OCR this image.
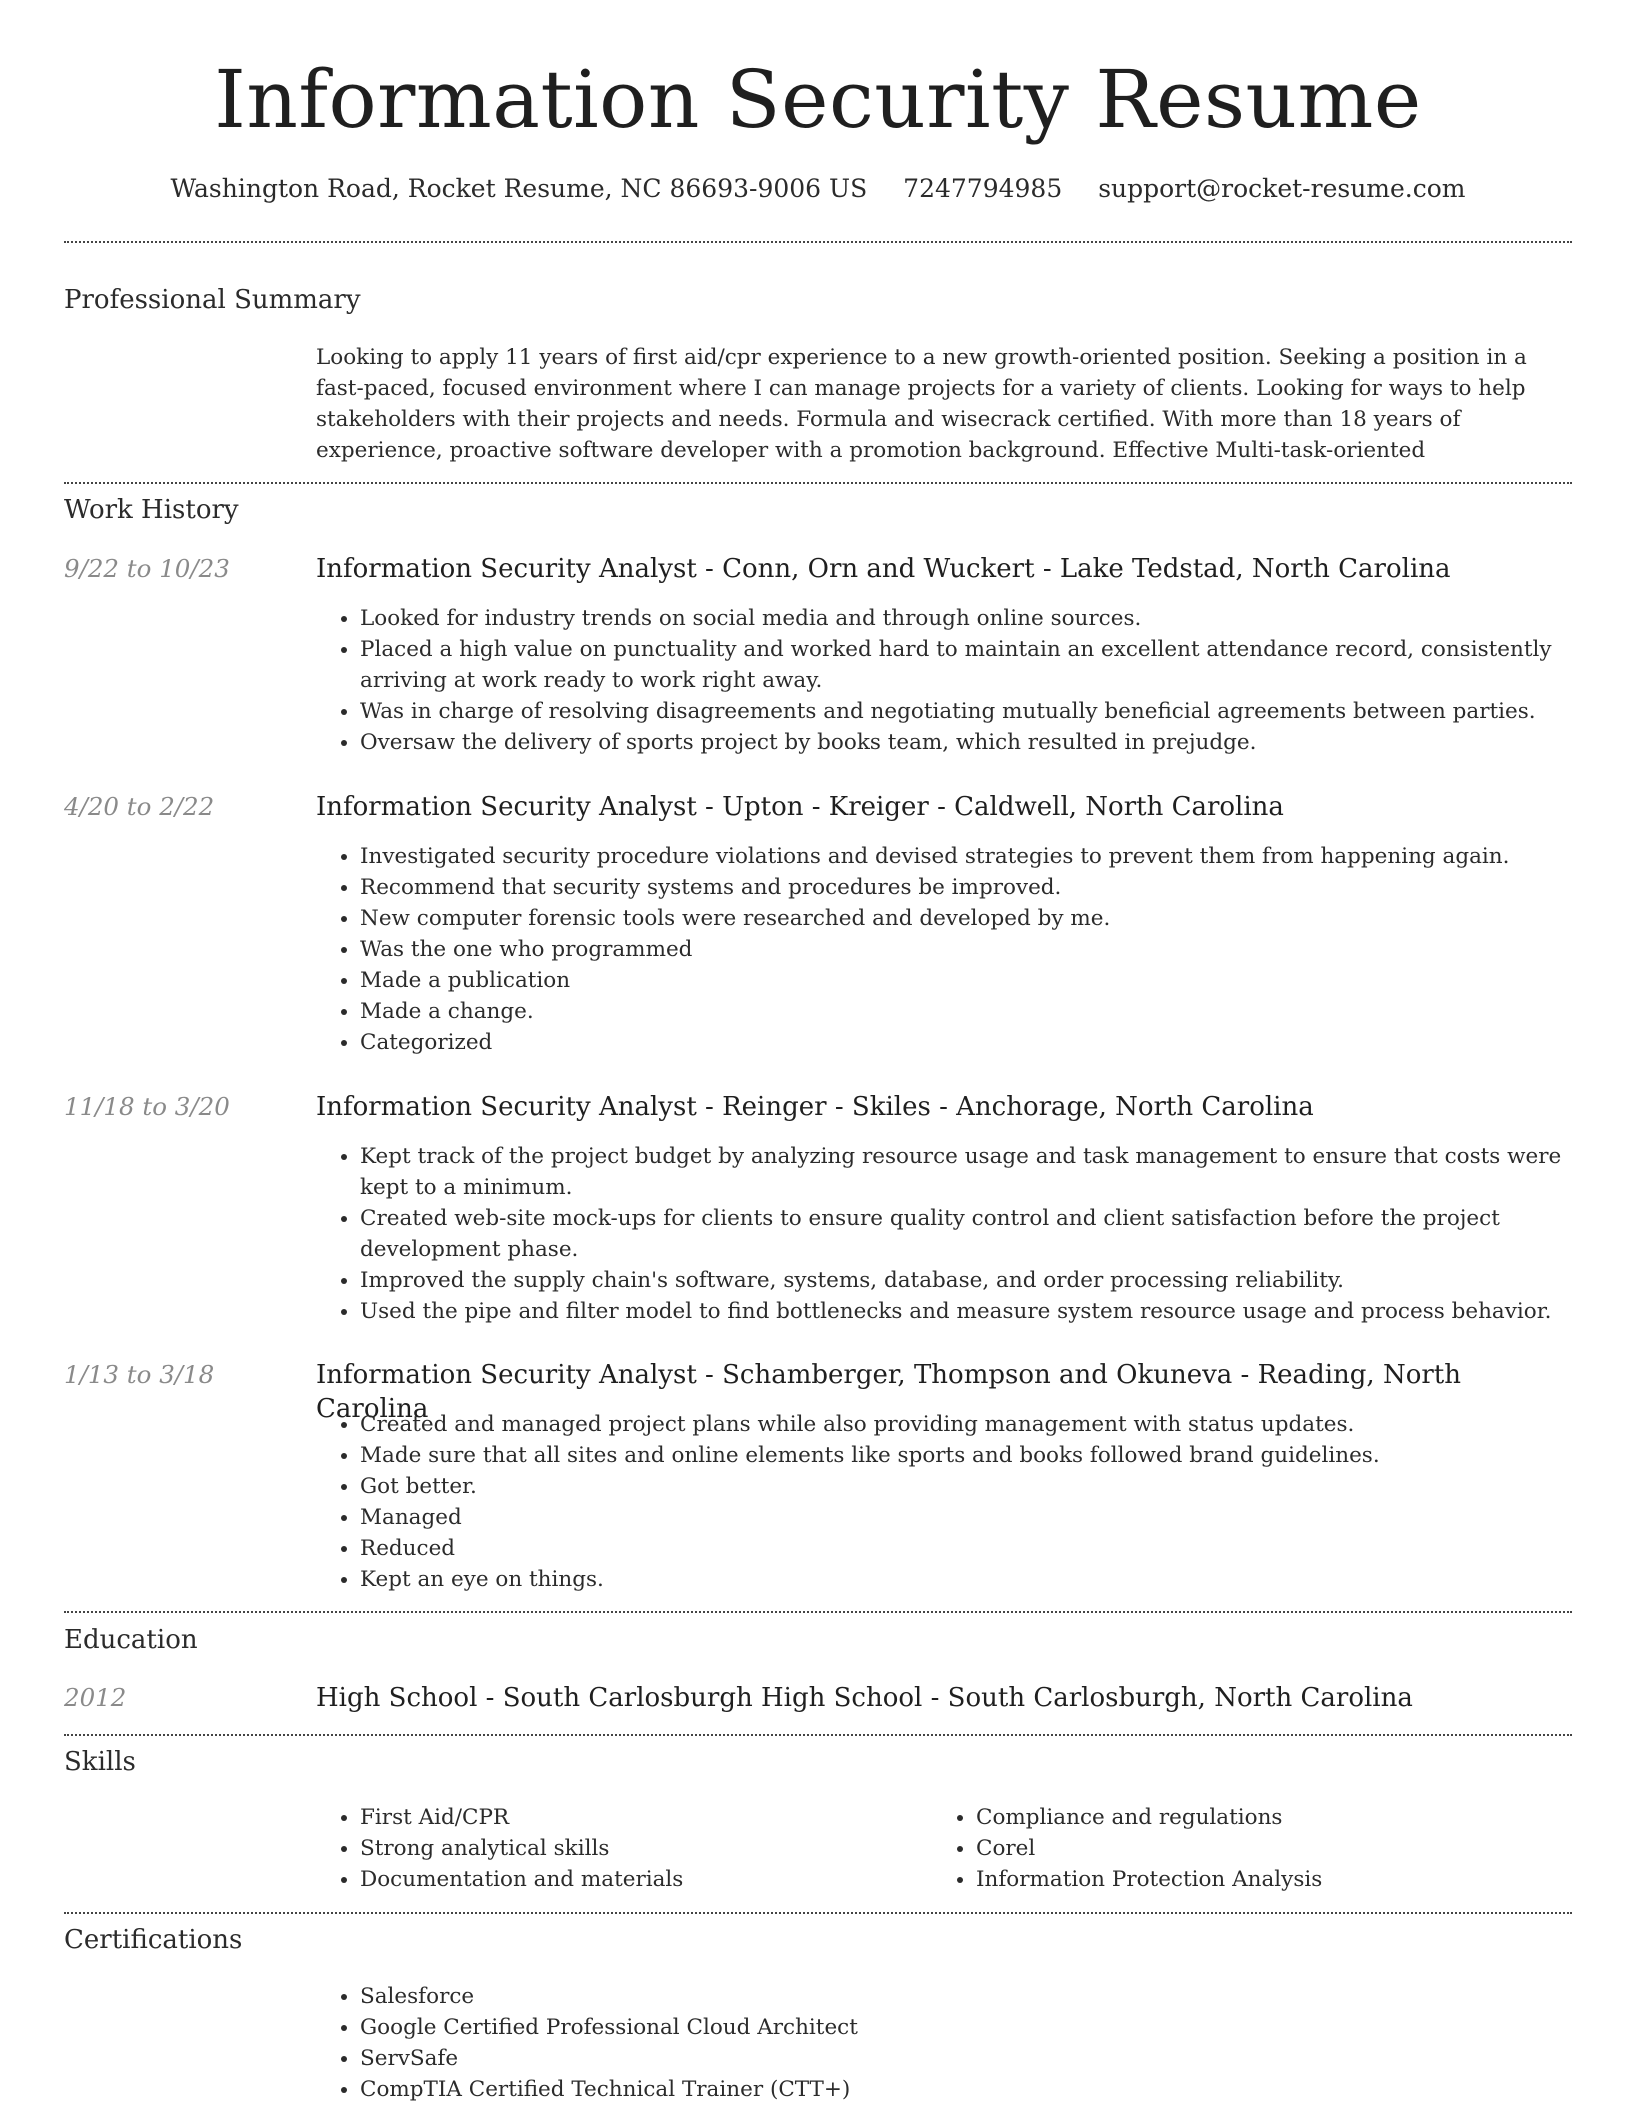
Information Security Resume
Washington Road, Rocket Resume, NC 86693-9006 US 7247794985 support@rocket-resume.com
Professional Summary
Looking to apply 11 years of first aid/cpr experience to a new growth-oriented position. Seeking a position in a fast-paced, focused environment where I can manage projects for a variety of clients. Looking for ways to help stakeholders with their projects and needs. Formula and wisecrack certified. With more than 18 years of experience, proactive software developer with a promotion background. Effective Multi-task-oriented
Work History
9/22 to 10/23	Information Security Analyst - Conn, Orn and Wuckert - Lake Tedstad, North Carolina
• Looked for industry trends on social media and through online sources.
• Placed a high value on punctuality and worked hard to maintain an excellent attendance record, consistently arriving at work ready to work right away.
• Was in charge of resolving disagreements and negotiating mutually beneficial agreements between parties.
• Oversaw the delivery of sports project by books team, which resulted in prejudge.
4/20 to 2/22	Information Security Analyst - Upton - Kreiger - Caldwell, North Carolina
• Investigated security procedure violations and devised strategies to prevent them from happening again.
• Recommend that security systems and procedures be improved.
• New computer forensic tools were researched and developed by me.
• Was the one who programmed
• Made a publication
• Made a change.
• Categorized
11/18 to 3/20	Information Security Analyst - Reinger - Skiles - Anchorage, North Carolina
• Kept track of the project budget by analyzing resource usage and task management to ensure that costs were kept to a minimum.
• Created web-site mock-ups for clients to ensure quality control and client satisfaction before the project development phase.
• Improved the supply chain's software, systems, database, and order processing reliability.
• Used the pipe and filter model to find bottlenecks and measure system resource usage and process behavior.
1/13 to 3/18	Information Security Analyst - Schamberger, Thompson and Okuneva - Reading, North Carolina
• Created and managed project plans while also providing management with status updates.
• Made sure that all sites and online elements like sports and books followed brand guidelines.
• Got better.
• Managed
• Reduced
• Kept an eye on things.
Education
2012	High School - South Carlosburgh High School - South Carlosburgh, North Carolina
Skills
• First Aid/CPR
• Strong analytical skills
• Documentation and materials
• Compliance and regulations
• Corel
• Information Protection Analysis
Certifications
• Salesforce
• Google Certified Professional Cloud Architect
• ServSafe
• CompTIA Certified Technical Trainer (CTT+)
